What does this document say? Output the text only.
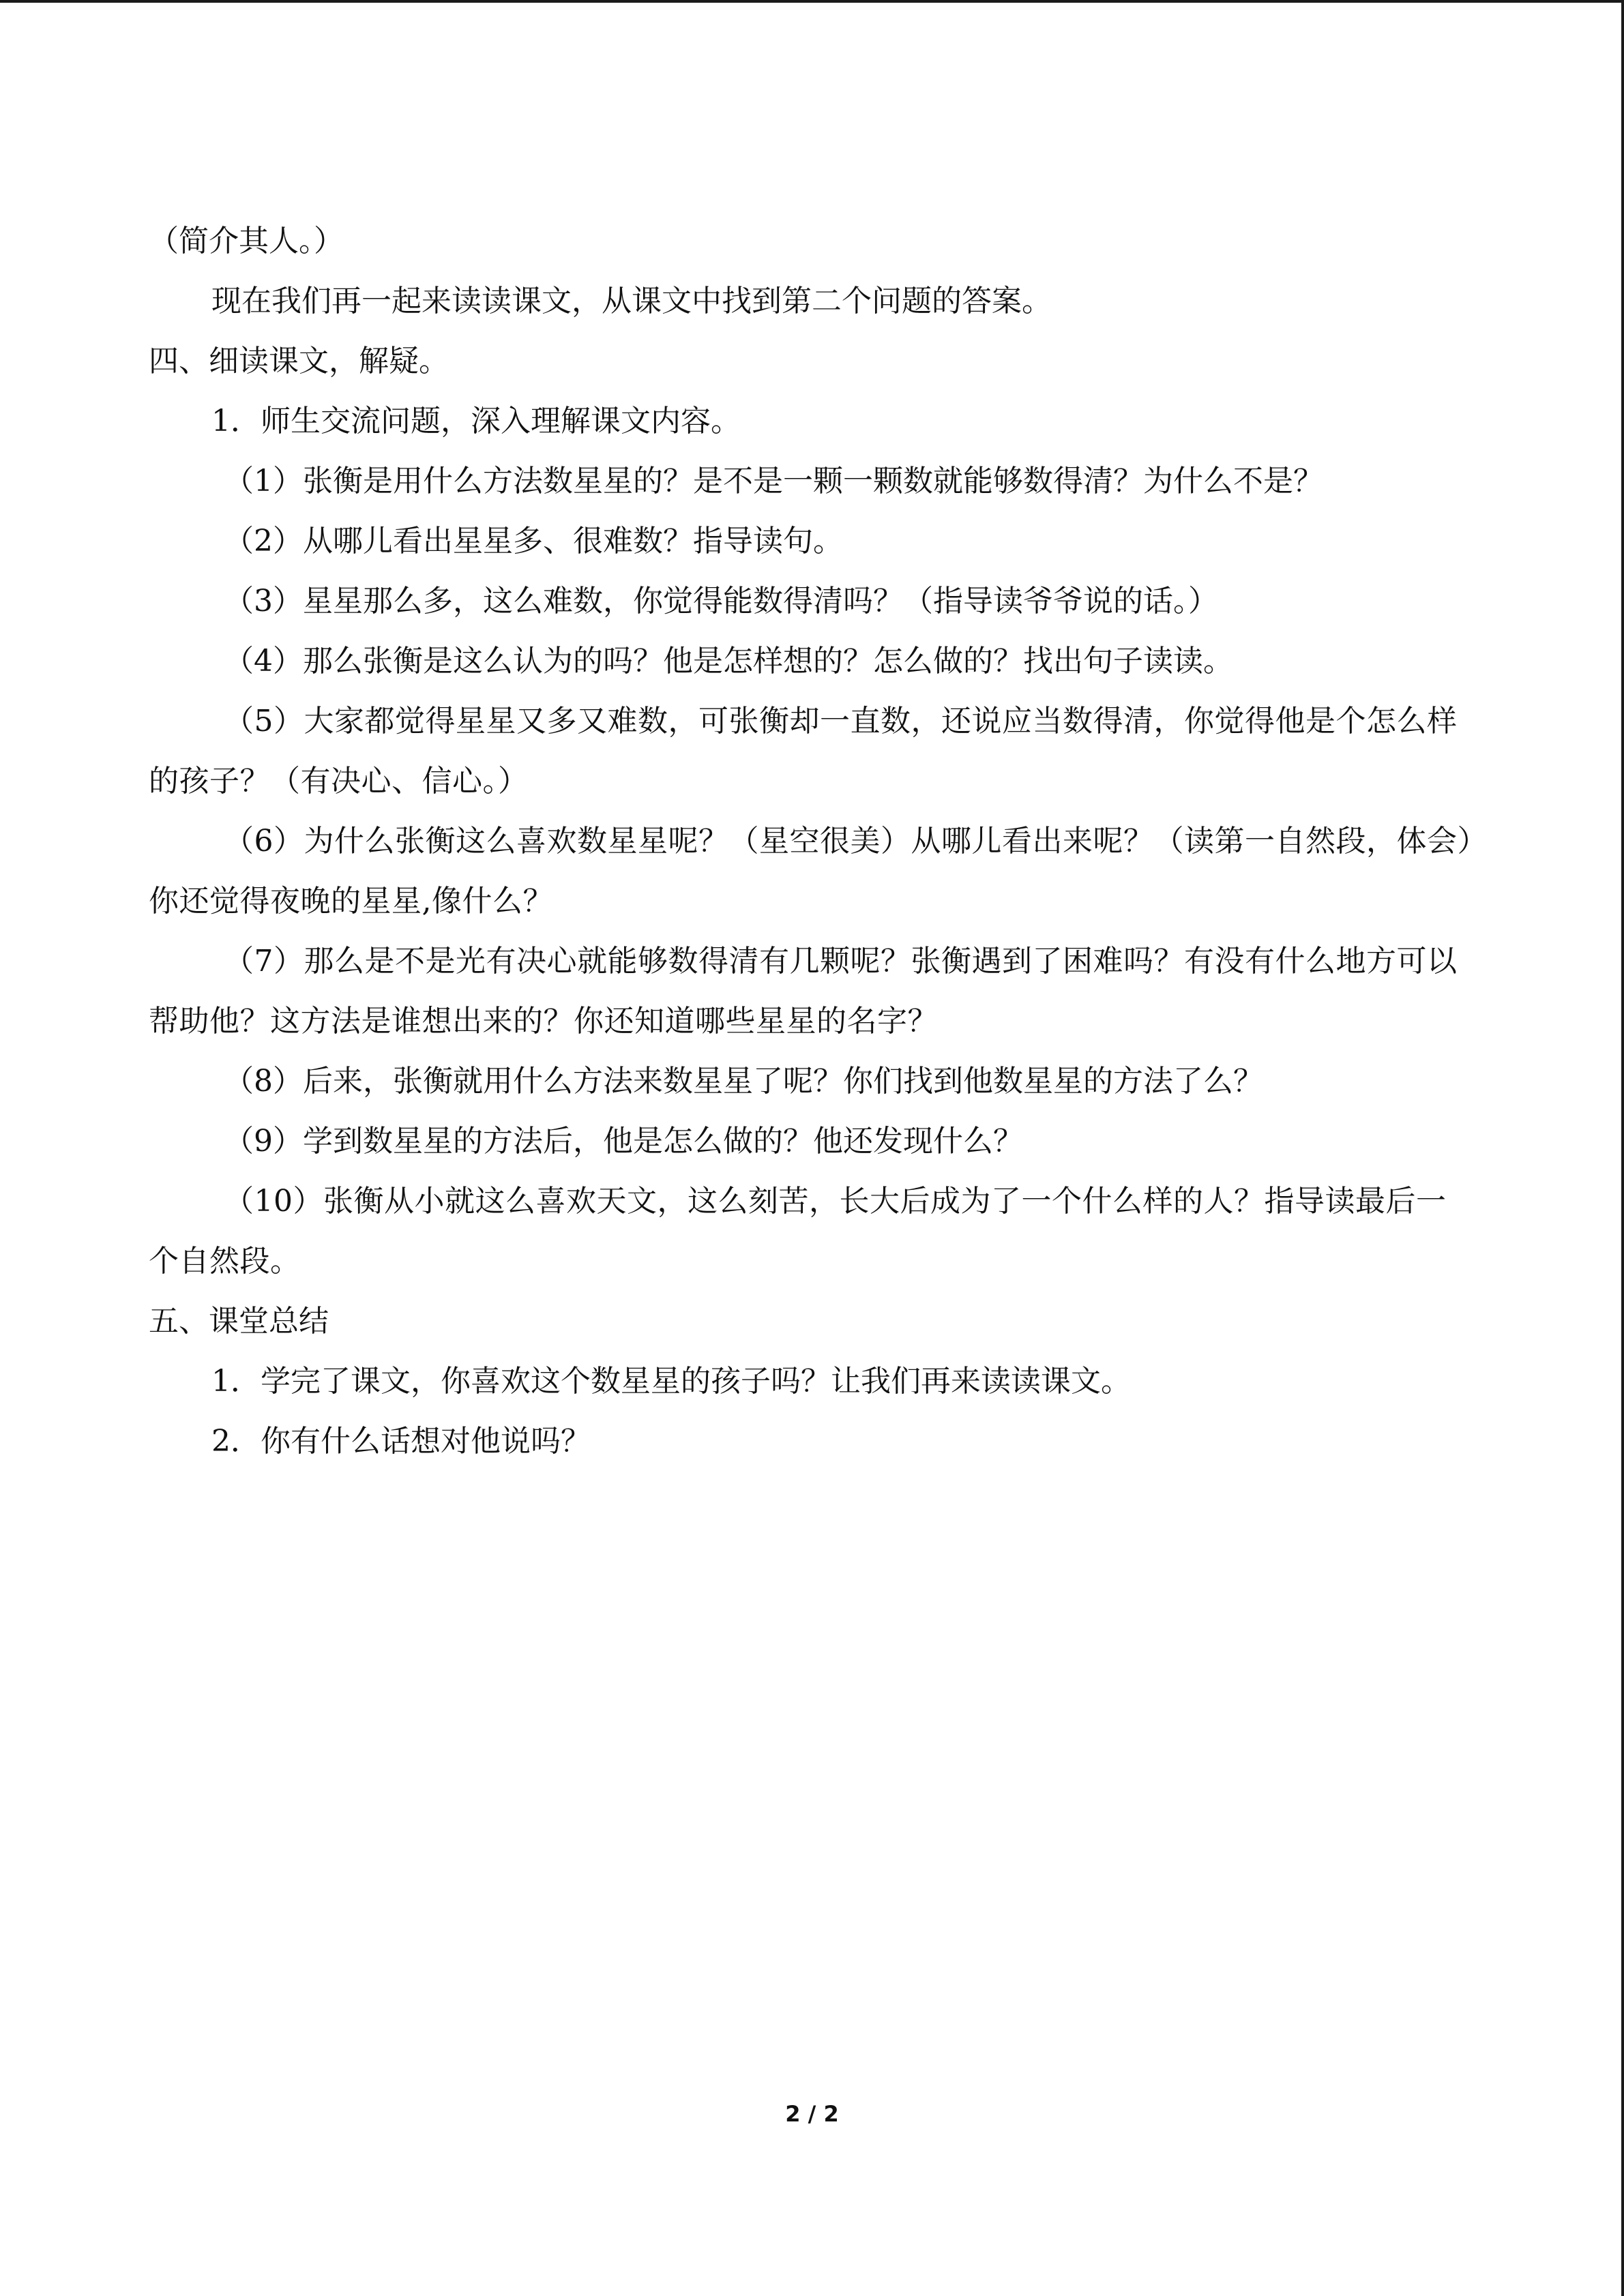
（简介其人。）

现在我们再一起来读读课文，从课文中找到第二个问题的答案。

四、细读课文，解疑。

1．师生交流问题，深入理解课文内容。

（1）张衡是用什么方法数星星的？是不是一颗一颗数就能够数得清？为什么不是？

（2）从哪儿看出星星多、很难数？指导读句。

（3）星星那么多，这么难数，你觉得能数得清吗？（指导读爷爷说的话。）

（4）那么张衡是这么认为的吗？他是怎样想的？怎么做的？找出句子读读。

（5）大家都觉得星星又多又难数，可张衡却一直数，还说应当数得清，你觉得他是个怎么样的孩子？（有决心、信心。）

（6）为什么张衡这么喜欢数星星呢？（星空很美）从哪儿看出来呢？（读第一自然段，体会）你还觉得夜晚的星星,像什么？

（7）那么是不是光有决心就能够数得清有几颗呢？张衡遇到了困难吗？有没有什么地方可以帮助他？这方法是谁想出来的？你还知道哪些星星的名字？

（8）后来，张衡就用什么方法来数星星了呢？你们找到他数星星的方法了么？

（9）学到数星星的方法后，他是怎么做的？他还发现什么？

（10）张衡从小就这么喜欢天文，这么刻苦，长大后成为了一个什么样的人？指导读最后一个自然段。

五、课堂总结

1．学完了课文，你喜欢这个数星星的孩子吗？让我们再来读读课文。

2．你有什么话想对他说吗？

2 / 2
